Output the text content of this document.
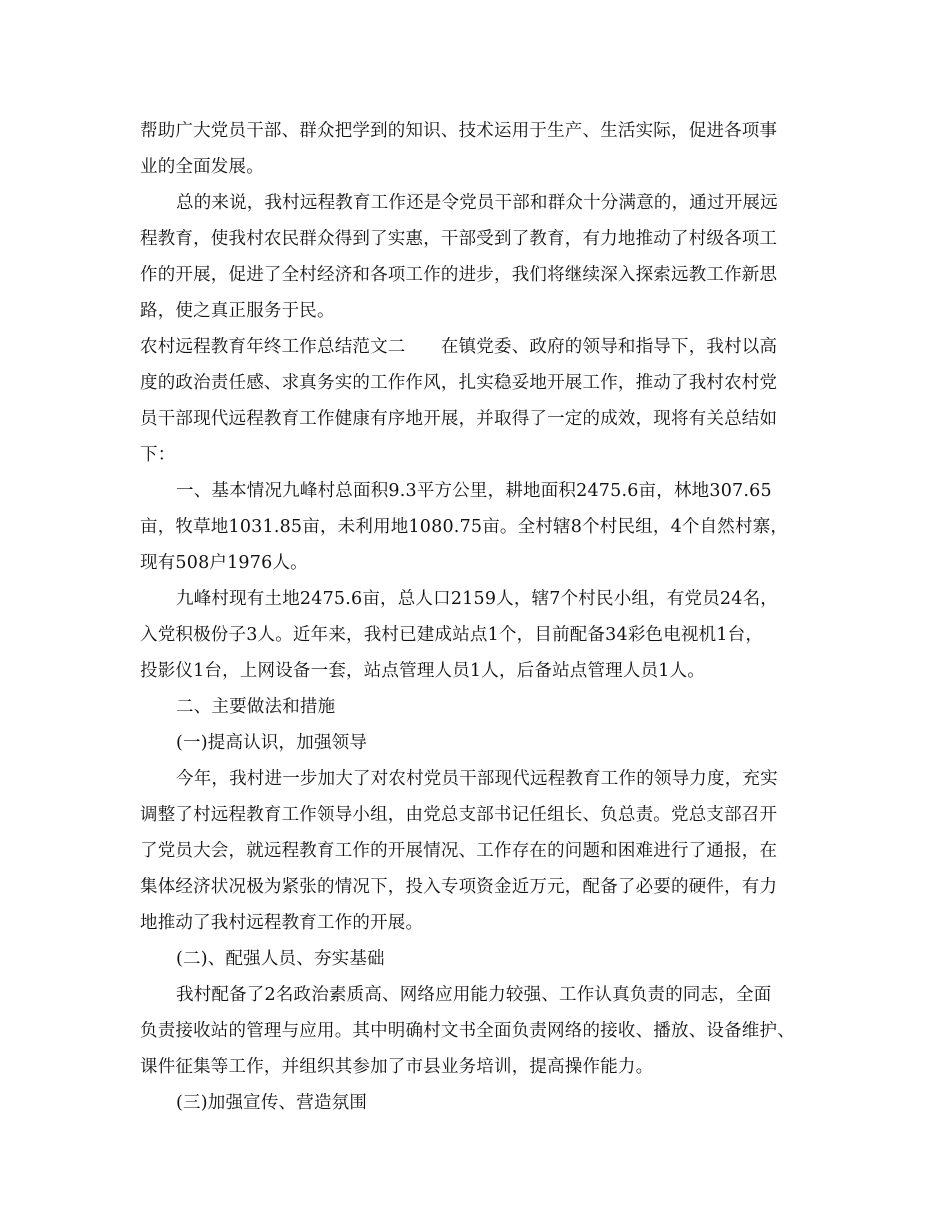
帮助广大党员干部、群众把学到的知识、技术运用于生产、生活实际，促进各项事
业的全面发展。
总的来说，我村远程教育工作还是令党员干部和群众十分满意的，通过开展远
程教育，使我村农民群众得到了实惠，干部受到了教育，有力地推动了村级各项工
作的开展，促进了全村经济和各项工作的进步，我们将继续深入探索远教工作新思
路，使之真正服务于民。
农村远程教育年终工作总结范文二　　在镇党委、政府的领导和指导下，我村以高
度的政治责任感、求真务实的工作作风，扎实稳妥地开展工作，推动了我村农村党
员干部现代远程教育工作健康有序地开展，并取得了一定的成效，现将有关总结如
下：
一、基本情况九峰村总面积9.3平方公里，耕地面积2475.6亩，林地307.65
亩，牧草地1031.85亩，未利用地1080.75亩。全村辖8个村民组，4个自然村寨，
现有508户1976人。
九峰村现有土地2475.6亩，总人口2159人，辖7个村民小组，有党员24名，
入党积极份子3人。近年来，我村已建成站点1个，目前配备34彩色电视机1台，
投影仪1台，上网设备一套，站点管理人员1人，后备站点管理人员1人。
二、主要做法和措施
(一)提高认识，加强领导
今年，我村进一步加大了对农村党员干部现代远程教育工作的领导力度，充实
调整了村远程教育工作领导小组，由党总支部书记任组长、负总责。党总支部召开
了党员大会，就远程教育工作的开展情况、工作存在的问题和困难进行了通报，在
集体经济状况极为紧张的情况下，投入专项资金近万元，配备了必要的硬件，有力
地推动了我村远程教育工作的开展。
(二)、配强人员、夯实基础
我村配备了2名政治素质高、网络应用能力较强、工作认真负责的同志，全面
负责接收站的管理与应用。其中明确村文书全面负责网络的接收、播放、设备维护、
课件征集等工作，并组织其参加了市县业务培训，提高操作能力。
(三)加强宣传、营造氛围
